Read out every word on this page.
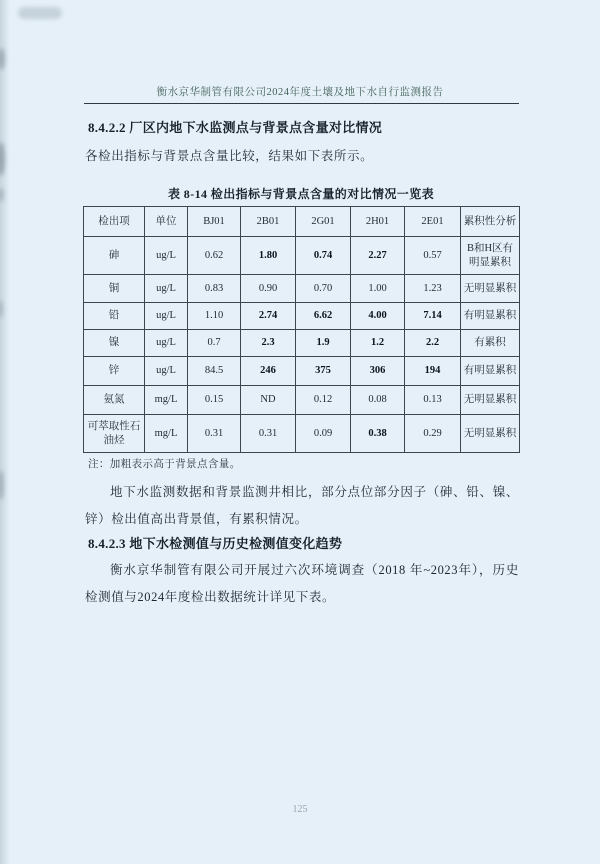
衡水京华制管有限公司2024年度土壤及地下水自行监测报告
8.4.2.2 厂区内地下水监测点与背景点含量对比情况
各检出指标与背景点含量比较，结果如下表所示。
表 8-14 检出指标与背景点含量的对比情况一览表
检出项	单位	BJ01	2B01	2G01	2H01	2E01	累积性分析
砷	ug/L	0.62	1.80	0.74	2.27	0.57	B和H区有明显累积
铜	ug/L	0.83	0.90	0.70	1.00	1.23	无明显累积
铅	ug/L	1.10	2.74	6.62	4.00	7.14	有明显累积
镍	ug/L	0.7	2.3	1.9	1.2	2.2	有累积
锌	ug/L	84.5	246	375	306	194	有明显累积
氨氮	mg/L	0.15	ND	0.12	0.08	0.13	无明显累积
可萃取性石油烃	mg/L	0.31	0.31	0.09	0.38	0.29	无明显累积
注：加粗表示高于背景点含量。
地下水监测数据和背景监测井相比，部分点位部分因子（砷、铅、镍、锌）检出值高出背景值，有累积情况。
8.4.2.3 地下水检测值与历史检测值变化趋势
衡水京华制管有限公司开展过六次环境调查（2018 年~2023年），历史检测值与2024年度检出数据统计详见下表。
125
